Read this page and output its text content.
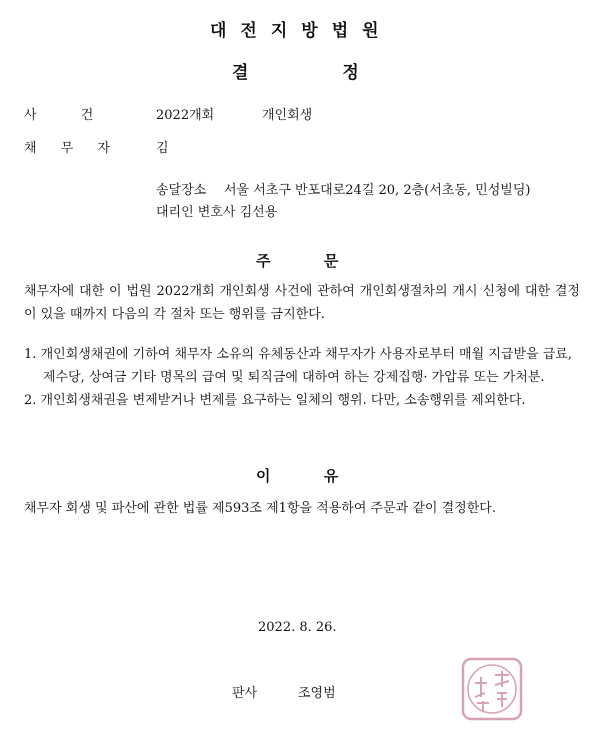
대전지방법원
결 정
사 건	2022개회	개인회생
채 무 자	김
송달장소 서울 서초구 반포대로24길 20, 2층(서초동, 민성빌딩)
대리인 변호사 김선용
주 문
채무자에 대한 이 법원 2022개회 개인회생 사건에 관하여 개인회생절차의 개시 신청에 대한 결정이 있을 때까지 다음의 각 절차 또는 행위를 금지한다.
1. 개인회생채권에 기하여 채무자 소유의 유체동산과 채무자가 사용자로부터 매월 지급받을 급료, 제수당, 상여금 기타 명목의 급여 및 퇴직금에 대하여 하는 강제집행· 가압류 또는 가처분.
2. 개인회생채권을 변제받거나 변제를 요구하는 일체의 행위. 다만, 소송행위를 제외한다.
이 유
채무자 회생 및 파산에 관한 법률 제593조 제1항을 적용하여 주문과 같이 결정한다.
2022. 8. 26.
판사	조영범
